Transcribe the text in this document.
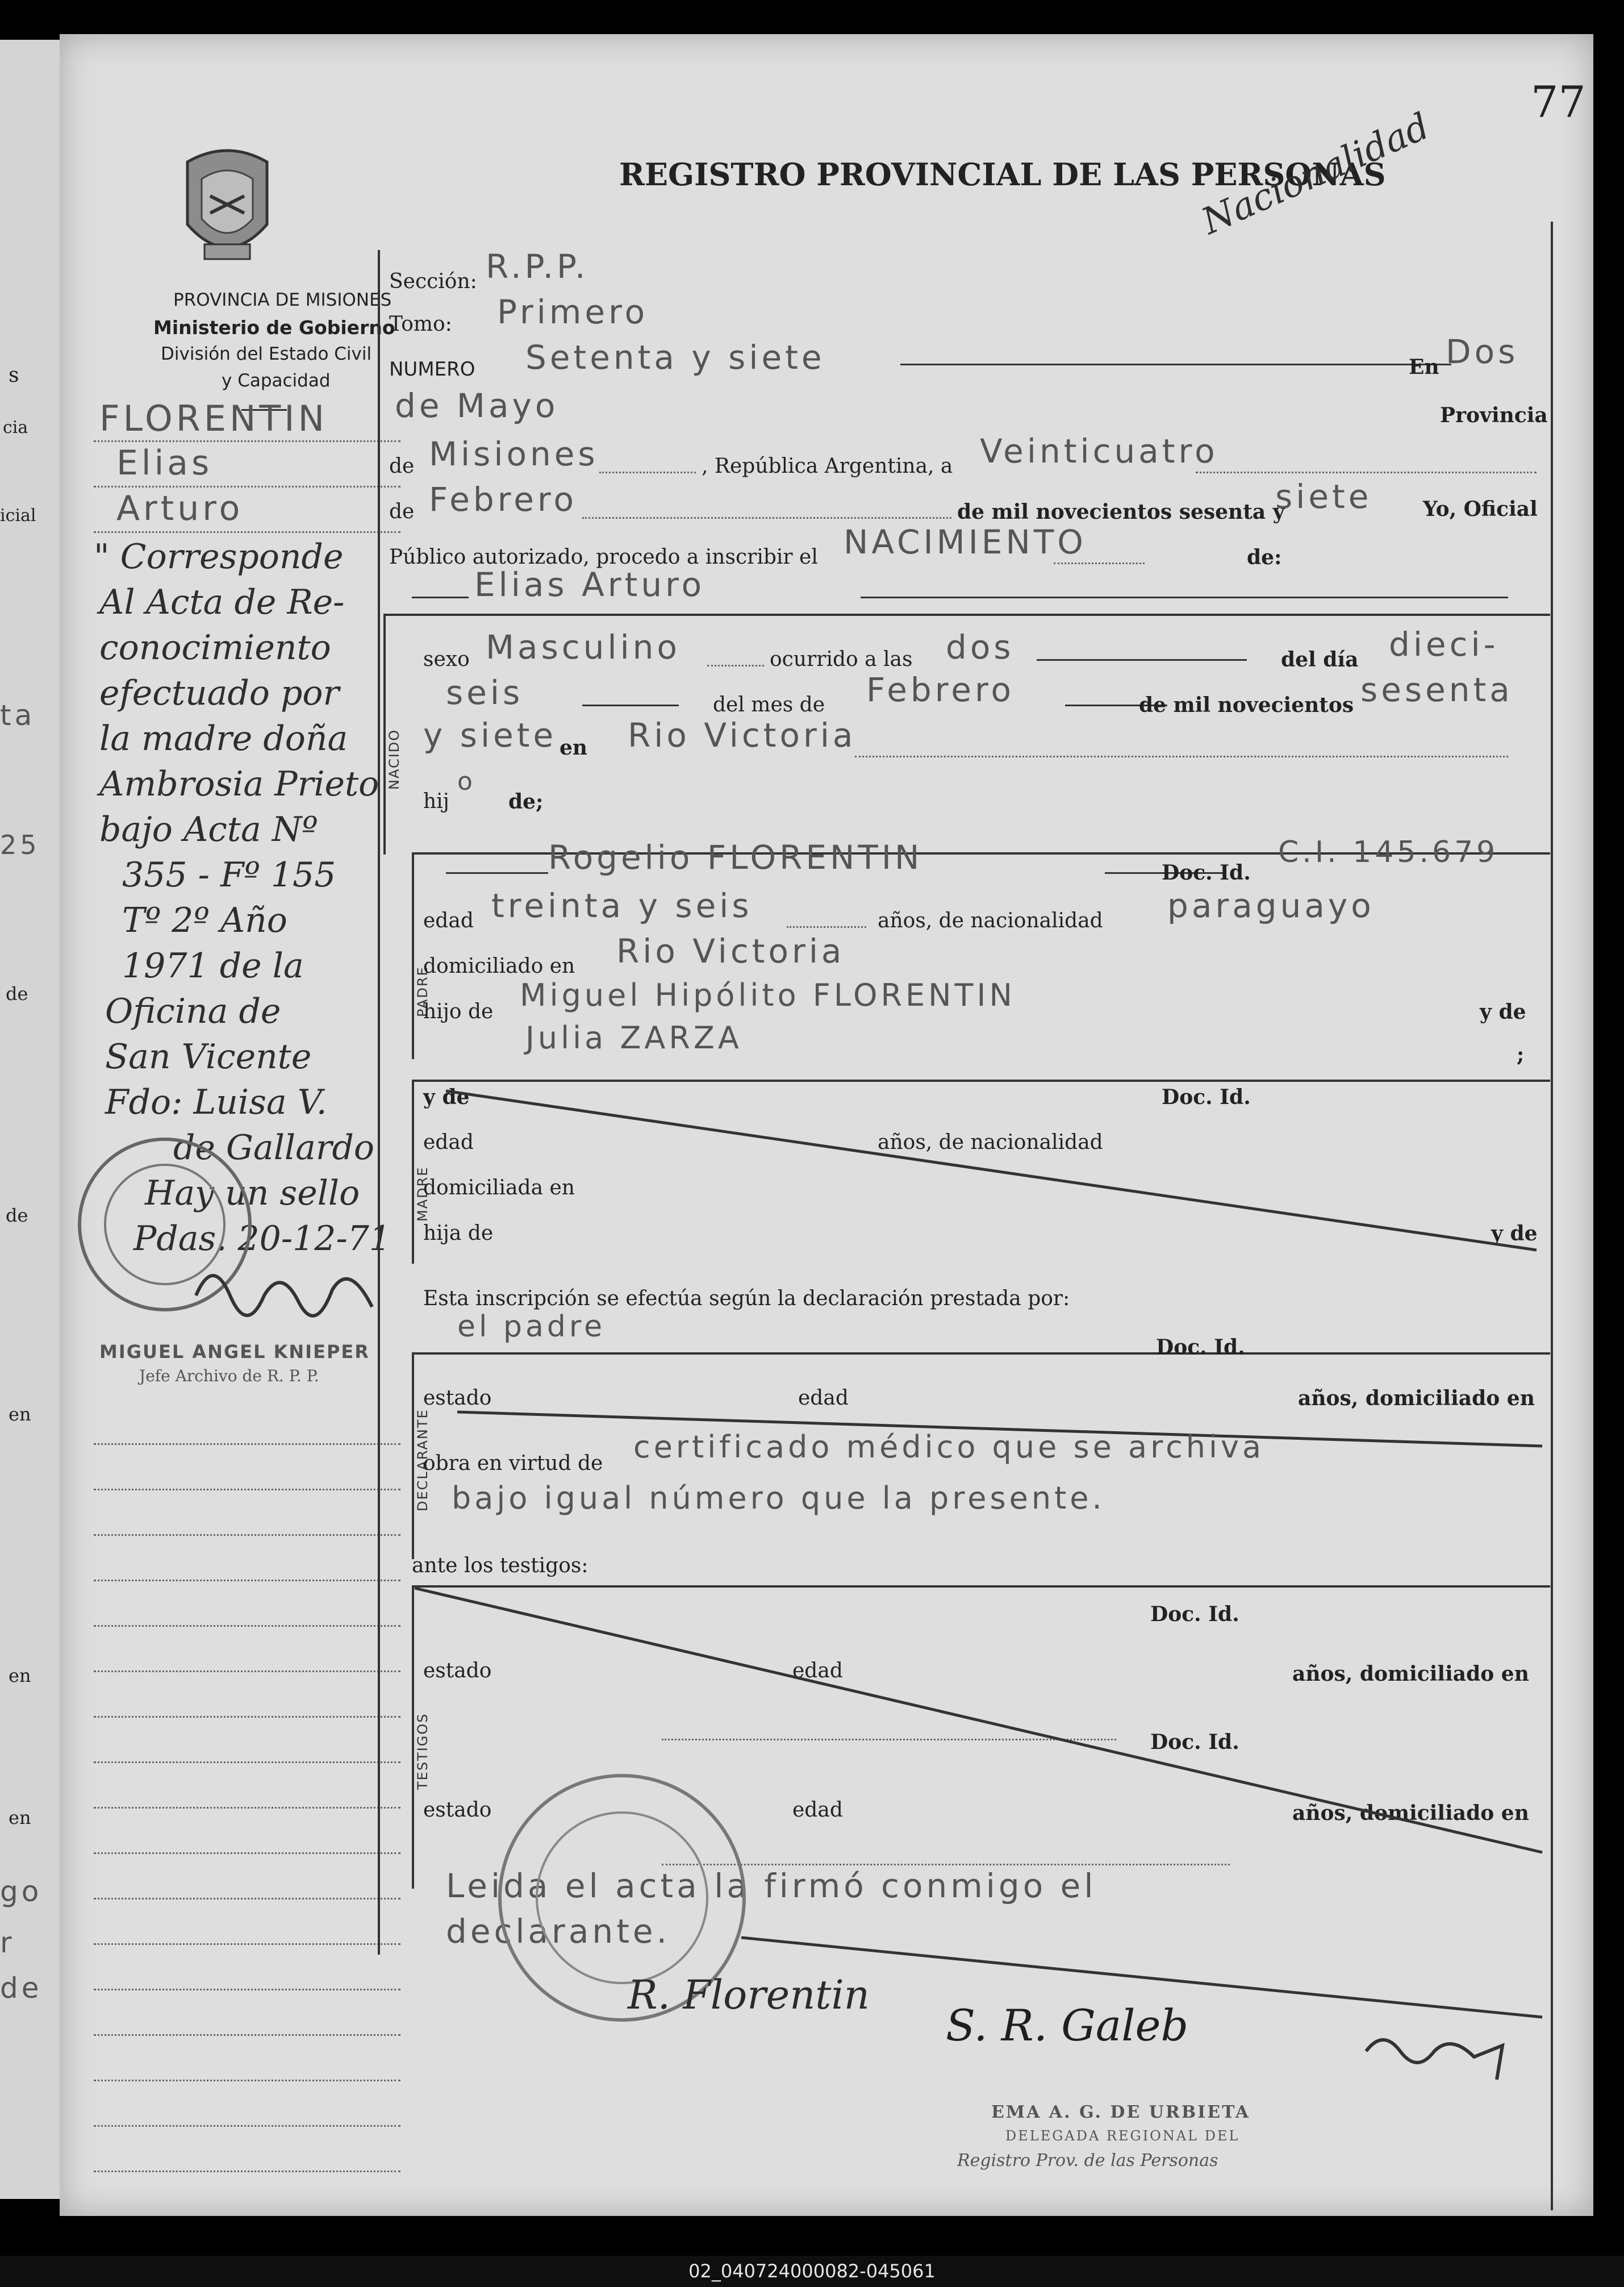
s
cia
icial
ta
25
de
de
en
en
en
go
r
de
77
PROVINCIA DE MISIONES
Ministerio de Gobierno
División del Estado Civil
y Capacidad
REGISTRO PROVINCIAL DE LAS PERSONAS
Nacionalidad
FLORENTIN
Elias
Arturo
" Corresponde
Al Acta de Re-
conocimiento
efectuado por
la madre doña
Ambrosia Prieto
bajo Acta Nº
355 - Fº 155
Tº 2º Año
1971 de la
Oficina de
San Vicente
Fdo: Luisa V.
de Gallardo
Hay un sello
Pdas. 20-12-71
MIGUEL ANGEL KNIEPER
Jefe Archivo de R. P. P.
Sección: R.P.P.
Tomo: Primero
NUMERO Setenta y siete	En Dos
de Mayo	Provincia
de Misiones	, República Argentina, a Veinticuatro
de Febrero	de mil novecientos sesenta y
siete Yo, Oficial
Público autorizado, procedo a inscribir el NACIMIENTO	de:
Elias Arturo
NACIDO
sexo Masculino	ocurrido a las dos	del día dieci-
seis	del mes de Febrero	de mil novecientos sesenta
y siete en Rio Victoria
hij
o
de;
PADRE
Rogelio FLORENTIN	Doc. Id.
C.I. 145.679
edad treinta y seis	años, de nacionalidad paraguayo
domiciliado en Rio Victoria
hijo de Miguel Hipólito FLORENTIN	y de
Julia ZARZA	;
MADRE
y de	Doc. Id.
edad	años, de nacionalidad
domiciliada en
hija de	y de
Esta inscripción se efectúa según la declaración prestada por:
el padre
DECLARANTE
Doc. Id.
estado	edad	años, domiciliado en
obra en virtud de certificado médico que se archiva
bajo igual número que la presente.
ante los testigos:
TESTIGOS
Doc. Id.
estado	edad	años, domiciliado en
Doc. Id.
estado	edad	años, domiciliado en
Leida el acta la firmó conmigo el
declarante.
R. Florentin
S. R. Galeb
EMA A. G. DE URBIETA
DELEGADA REGIONAL DEL
Registro Prov. de las Personas
02_040724000082-045061
